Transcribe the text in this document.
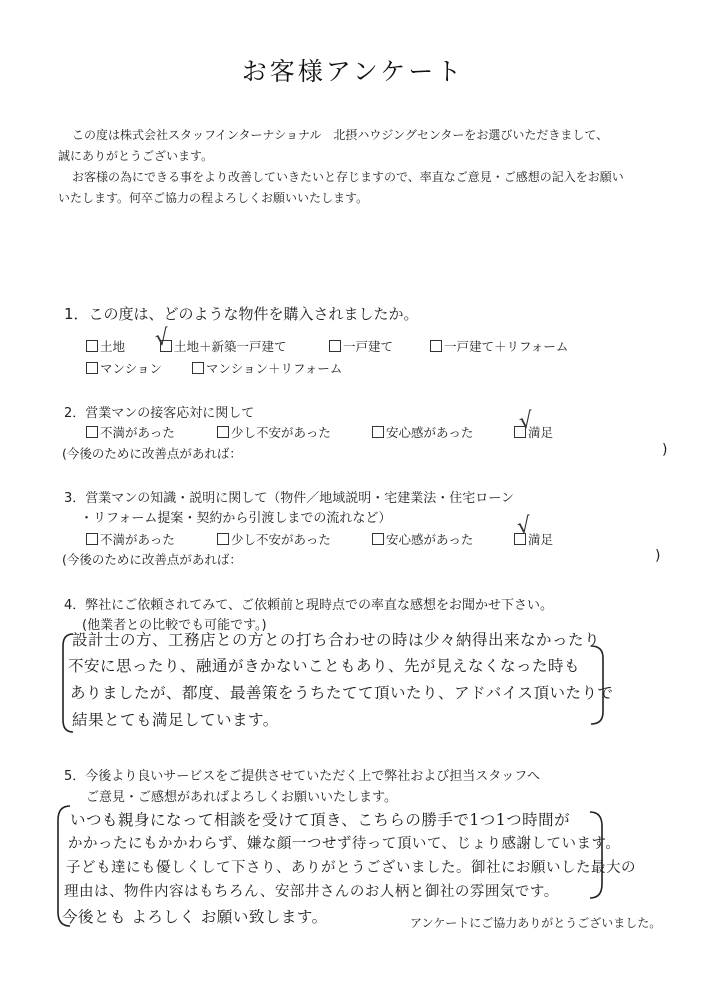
お客様アンケート
この度は株式会社スタッフインターナショナル　北摂ハウジングセンターをお選びいただきまして、
誠にありがとうございます。
お客様の為にできる事をより改善していきたいと存じますので、率直なご意見・ご感想の記入をお願い
いたします。何卒ご協力の程よろしくお願いいたします。
1．この度は、どのような物件を購入されましたか。
土地	土地＋新築一戸建て
√	一戸建て	一戸建て＋リフォーム
マンション	マンション＋リフォーム
2．営業マンの接客応対に関して
不満があった	少し不安があった	安心感があった	満足
√
(今後のために改善点があれば：	)
3．営業マンの知識・説明に関して（物件／地域説明・宅建業法・住宅ローン
・リフォーム提案・契約から引渡しまでの流れなど）
不満があった	少し不安があった	安心感があった	満足
√
(今後のために改善点があれば：	)
4．弊社にご依頼されてみて、ご依頼前と現時点での率直な感想をお聞かせ下さい。
(他業者との比較でも可能です。)
設計士の方、工務店との方との打ち合わせの時は少々納得出来なかったり
不安に思ったり、融通がきかないこともあり、先が見えなくなった時も
ありましたが、都度、最善策をうちたてて頂いたり、アドバイス頂いたりで
結果とても満足しています。
5．今後より良いサービスをご提供させていただく上で弊社および担当スタッフへ
ご意見・ご感想があればよろしくお願いいたします。
いつも親身になって相談を受けて頂き、こちらの勝手で1つ1つ時間が
かかったにもかかわらず、嫌な顔一つせず待って頂いて、じょり感謝しています。
子ども達にも優しくして下さり、ありがとうございました。御社にお願いした最大の
理由は、物件内容はもちろん、安部井さんのお人柄と御社の雰囲気です。
今後とも よろしく お願い致します。	アンケートにご協力ありがとうございました。
